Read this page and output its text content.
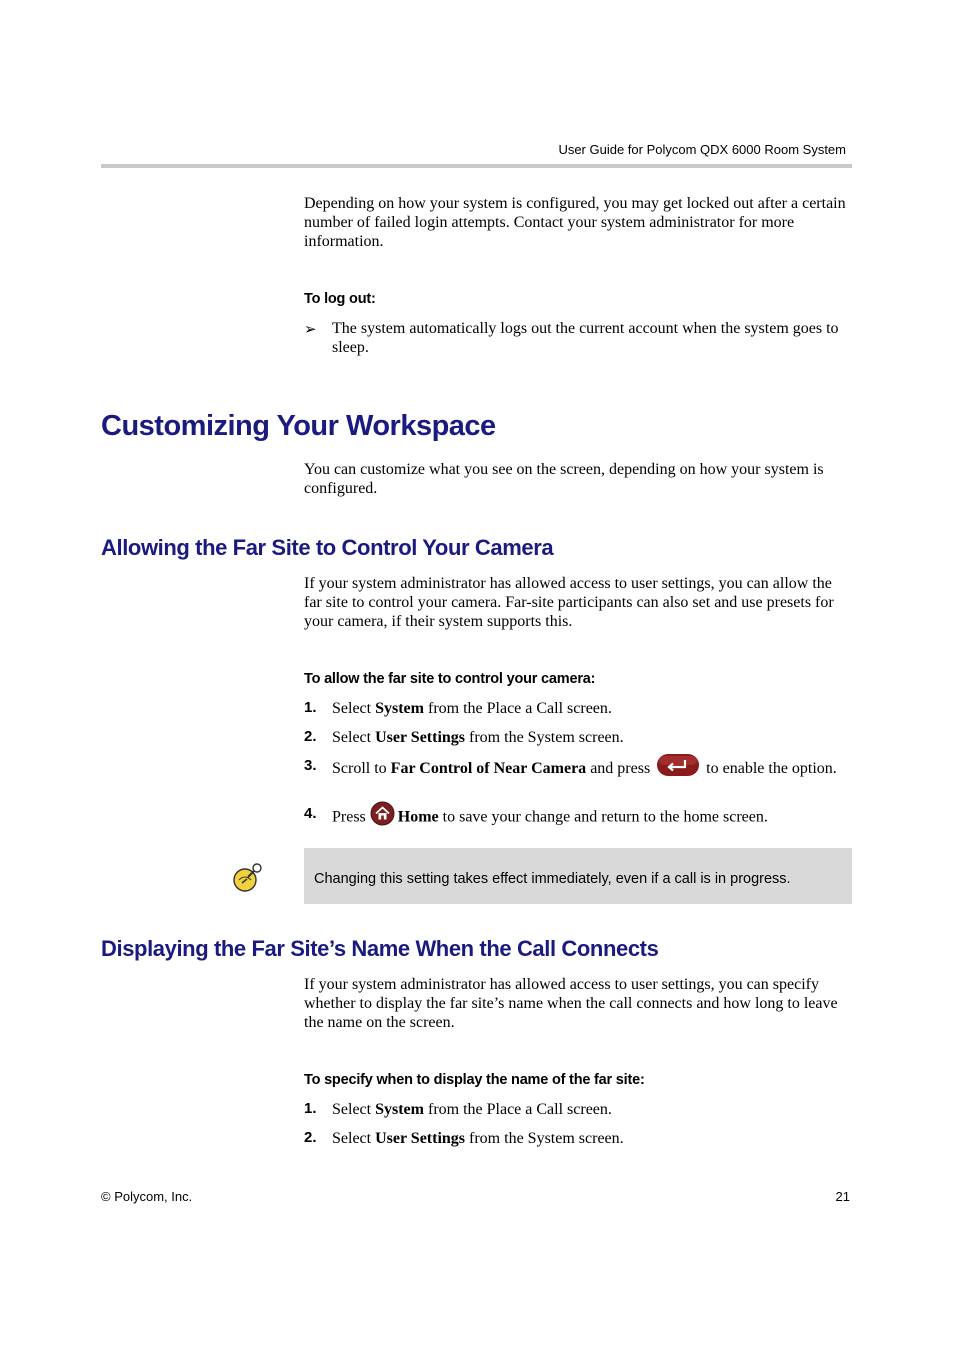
User Guide for Polycom QDX 6000 Room System
Depending on how your system is configured, you may get locked out after a certain number of failed login attempts. Contact your system administrator for more information.
To log out:
➢ The system automatically logs out the current account when the system goes to sleep.
Customizing Your Workspace
You can customize what you see on the screen, depending on how your system is configured.
Allowing the Far Site to Control Your Camera
If your system administrator has allowed access to user settings, you can allow the far site to control your camera. Far-site participants can also set and use presets for your camera, if their system supports this.
To allow the far site to control your camera:
1. Select System from the Place a Call screen.
2. Select User Settings from the System screen.
3. Scroll to Far Control of Near Camera and press	to enable the option.
4. Press Home to save your change and return to the home screen.
Changing this setting takes effect immediately, even if a call is in progress.
Displaying the Far Site’s Name When the Call Connects
If your system administrator has allowed access to user settings, you can specify whether to display the far site’s name when the call connects and how long to leave the name on the screen.
To specify when to display the name of the far site:
1. Select System from the Place a Call screen.
2. Select User Settings from the System screen.
© Polycom, Inc.	21
